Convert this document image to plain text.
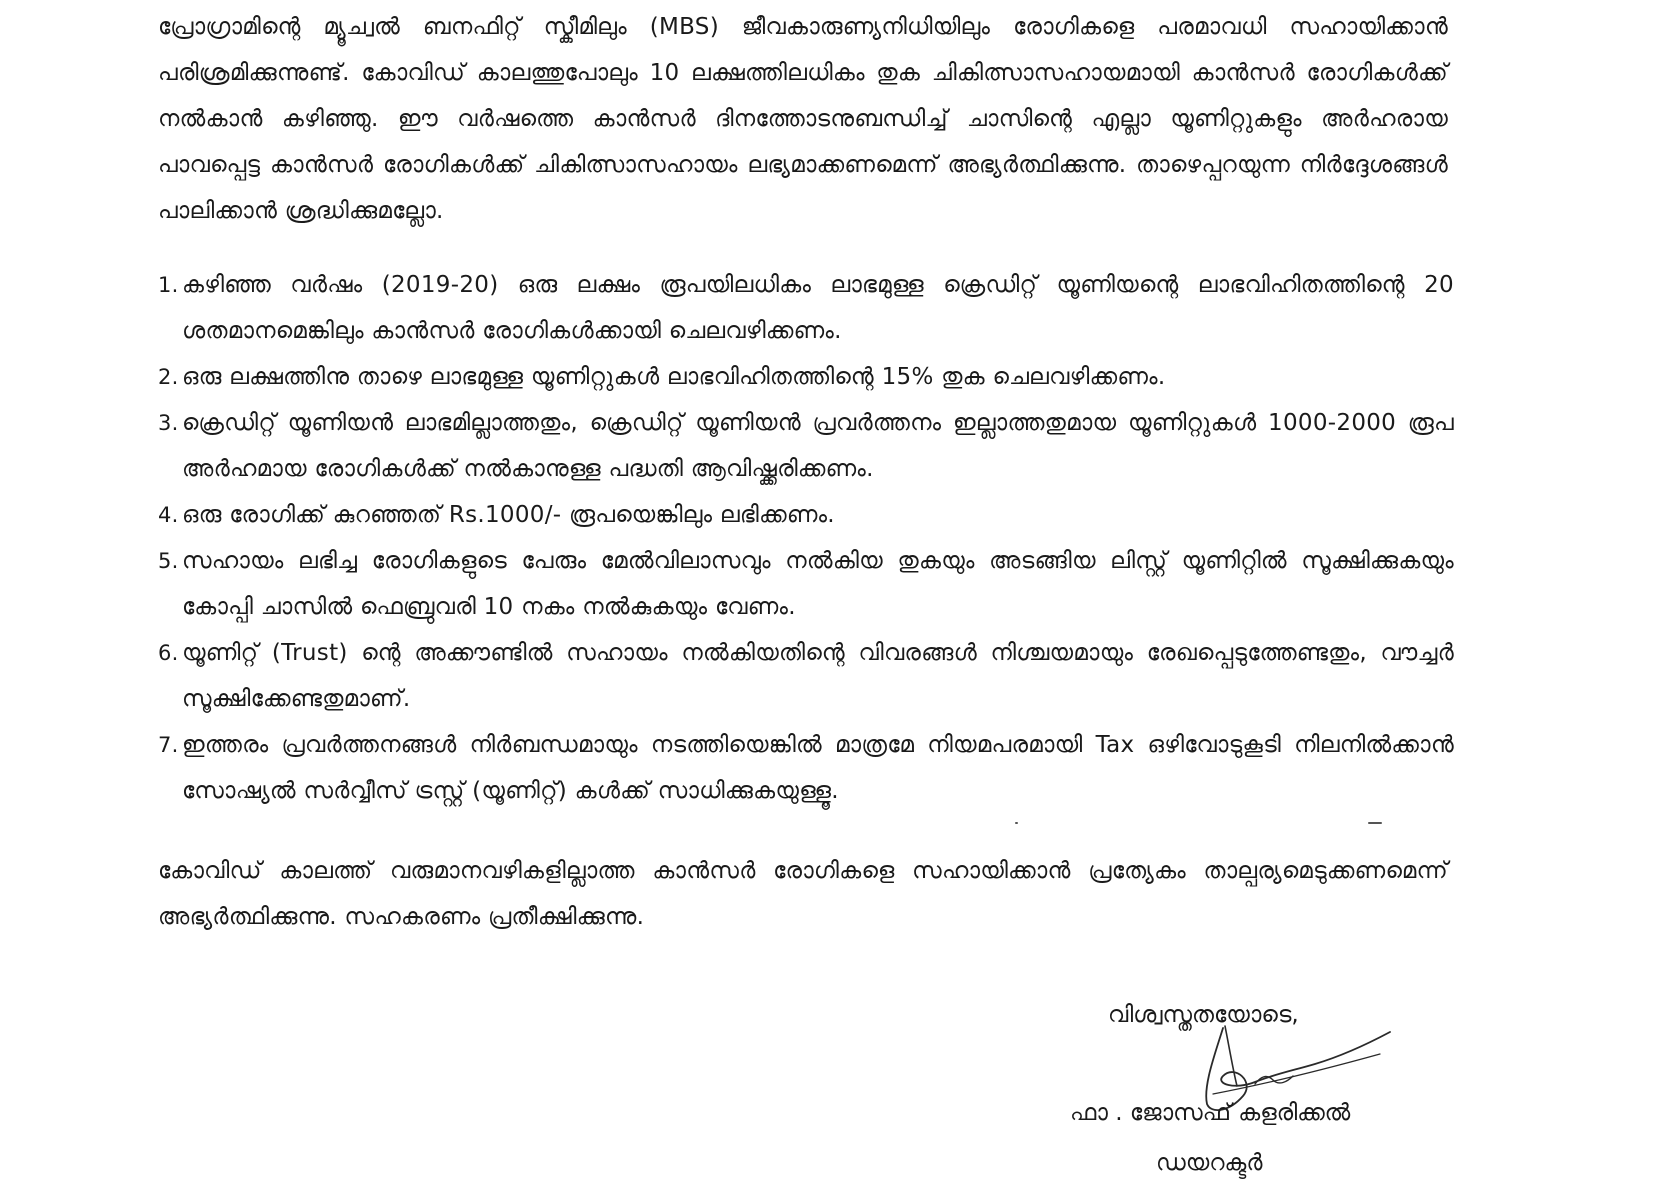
പ്രോഗ്രാമിന്റെ മ്യൂച്വൽ ബനഫിറ്റ് സ്കീമിലും (MBS) ജീവകാരുണ്യനിധിയിലും രോഗികളെ പരമാവധി സഹായിക്കാൻ പരിശ്രമിക്കുന്നുണ്ട്. കോവിഡ് കാലത്തുപോലും 10 ലക്ഷത്തിലധികം തുക ചികിത്സാസഹായമായി കാൻസർ രോഗികൾക്ക് നൽകാൻ കഴിഞ്ഞു. ഈ വർഷത്തെ കാൻസർ ദിനത്തോടനുബന്ധിച്ച് ചാസിന്റെ എല്ലാ യൂണിറ്റുകളും അർഹരായ പാവപ്പെട്ട കാൻസർ രോഗികൾക്ക് ചികിത്സാസഹായം ലഭ്യമാക്കണമെന്ന് അഭ്യർത്ഥിക്കുന്നു. താഴെപ്പറയുന്ന നിർദ്ദേശങ്ങൾ പാലിക്കാൻ ശ്രദ്ധിക്കുമല്ലോ.
1. കഴിഞ്ഞ വർഷം (2019-20) ഒരു ലക്ഷം രൂപയിലധികം ലാഭമുള്ള ക്രെഡിറ്റ് യൂണിയന്റെ ലാഭവിഹിതത്തിന്റെ 20 ശതമാനമെങ്കിലും കാൻസർ രോഗികൾക്കായി ചെലവഴിക്കണം.
2. ഒരു ലക്ഷത്തിനു താഴെ ലാഭമുള്ള യൂണിറ്റുകൾ ലാഭവിഹിതത്തിന്റെ 15% തുക ചെലവഴിക്കണം.
3. ക്രെഡിറ്റ് യൂണിയൻ ലാഭമില്ലാത്തതും, ക്രെഡിറ്റ് യൂണിയൻ പ്രവർത്തനം ഇല്ലാത്തതുമായ യൂണിറ്റുകൾ 1000-2000 രൂപ അർഹമായ രോഗികൾക്ക് നൽകാനുള്ള പദ്ധതി ആവിഷ്ക്കരിക്കണം.
4. ഒരു രോഗിക്ക് കുറഞ്ഞത് Rs.1000/- രൂപയെങ്കിലും ലഭിക്കണം.
5. സഹായം ലഭിച്ച രോഗികളുടെ പേരും മേൽവിലാസവും നൽകിയ തുകയും അടങ്ങിയ ലിസ്റ്റ് യൂണിറ്റിൽ സൂക്ഷിക്കുകയും കോപ്പി ചാസിൽ ഫെബ്രുവരി 10 നകം നൽകുകയും വേണം.
6. യൂണിറ്റ് (Trust) ന്റെ അക്കൗണ്ടിൽ സഹായം നൽകിയതിന്റെ വിവരങ്ങൾ നിശ്ചയമായും രേഖപ്പെടുത്തേണ്ടതും, വൗച്ചർ സൂക്ഷിക്കേണ്ടതുമാണ്.
7. ഇത്തരം പ്രവർത്തനങ്ങൾ നിർബന്ധമായും നടത്തിയെങ്കിൽ മാത്രമേ നിയമപരമായി Tax ഒഴിവോടുകൂടി നിലനിൽക്കാൻ സോഷ്യൽ സർവ്വീസ് ട്രസ്റ്റ് (യൂണിറ്റ്) കൾക്ക് സാധിക്കുകയുള്ളൂ.
കോവിഡ് കാലത്ത് വരുമാനവഴികളില്ലാത്ത കാൻസർ രോഗികളെ സഹായിക്കാൻ പ്രത്യേകം താല്പര്യമെടുക്കണമെന്ന് അഭ്യർത്ഥിക്കുന്നു. സഹകരണം പ്രതീക്ഷിക്കുന്നു.
വിശ്വസ്തതയോടെ,
ഫാ . ജോസഫ് കളരിക്കൽ
ഡയറക്ടർ
